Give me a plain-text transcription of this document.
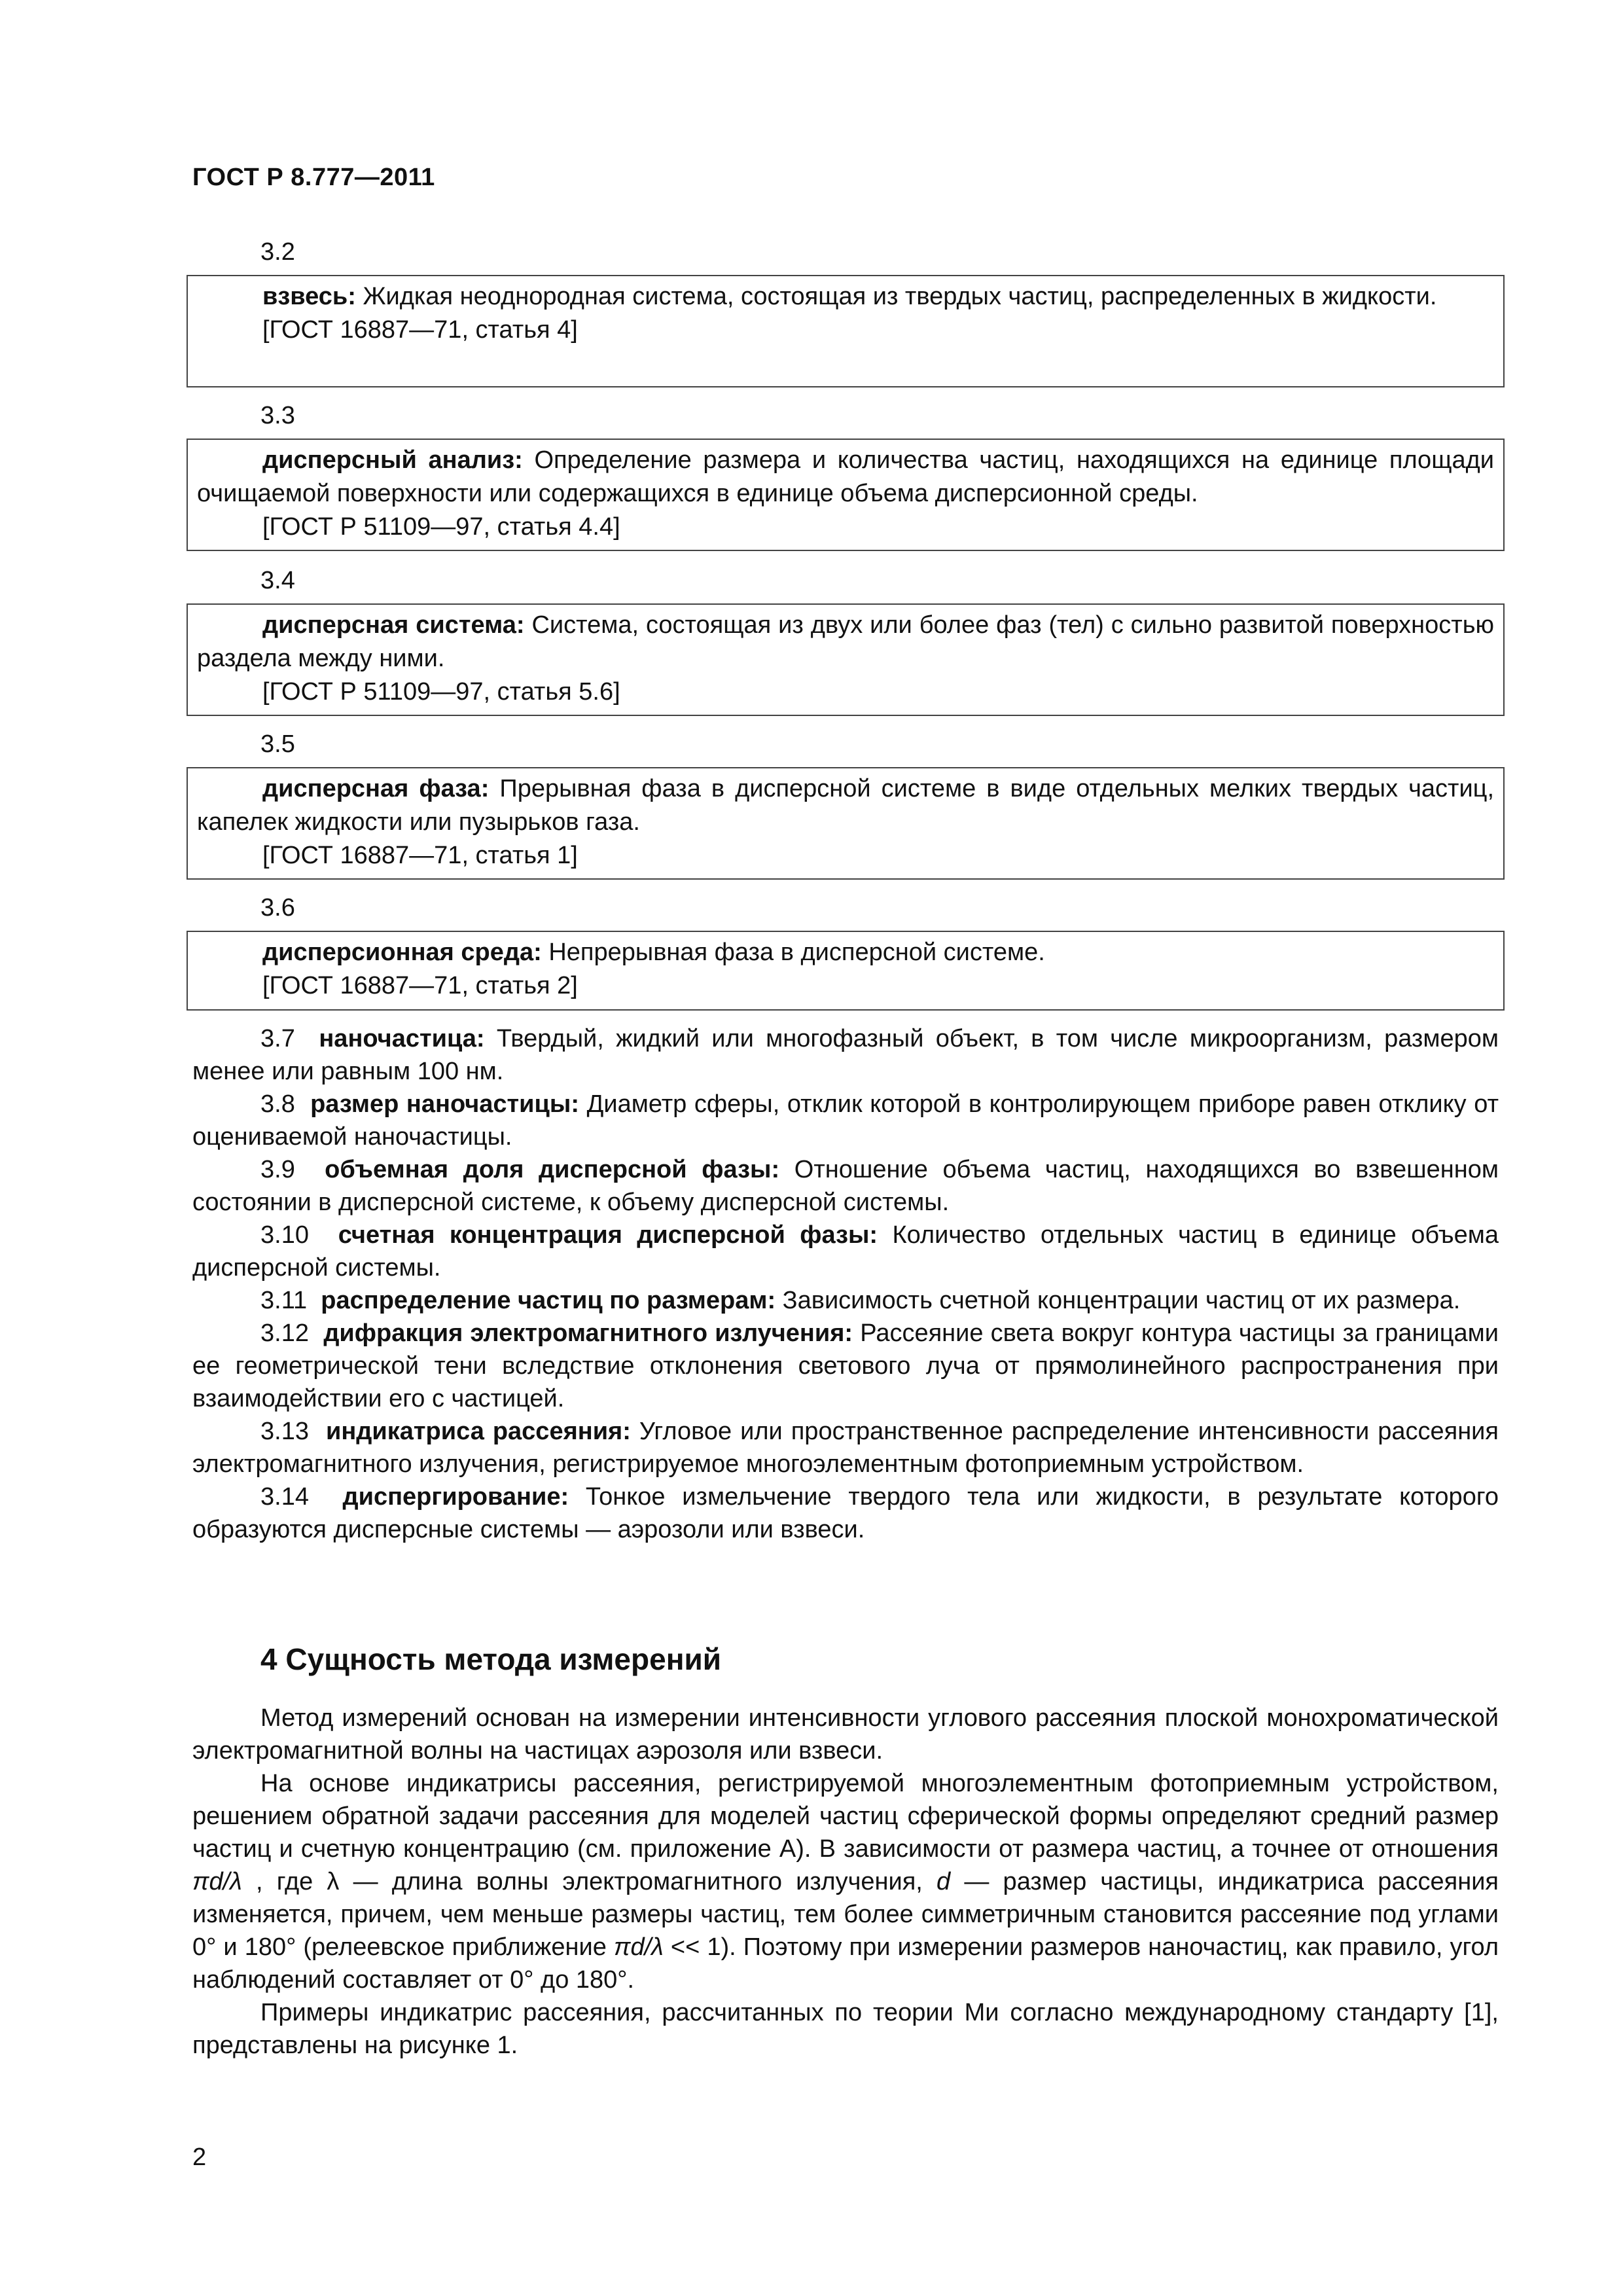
ГОСТ Р 8.777—2011
3.2

взвесь: Жидкая неоднородная система, состоящая из твердых частиц, распределенных в жидкости.

[ГОСТ 16887—71, статья 4]

3.3

дисперсный анализ: Определение размера и количества частиц, находящихся на единице площади очищаемой поверхности или содержащихся в единице объема дисперсионной среды.

[ГОСТ Р 51109—97, статья 4.4]

3.4

дисперсная система: Система, состоящая из двух или более фаз (тел) с сильно развитой поверхностью раздела между ними.

[ГОСТ Р 51109—97, статья 5.6]

3.5

дисперсная фаза: Прерывная фаза в дисперсной системе в виде отдельных мелких твердых частиц, капелек жидкости или пузырьков газа.

[ГОСТ 16887—71, статья 1]

3.6

дисперсионная среда: Непрерывная фаза в дисперсной системе.

[ГОСТ 16887—71, статья 2]

3.7 наночастица: Твердый, жидкий или многофазный объект, в том числе микроорганизм, размером менее или равным 100 нм.

3.8 размер наночастицы: Диаметр сферы, отклик которой в контролирующем приборе равен отклику от оцениваемой наночастицы.

3.9 объемная доля дисперсной фазы: Отношение объема частиц, находящихся во взвешенном состоянии в дисперсной системе, к объему дисперсной системы.

3.10 счетная концентрация дисперсной фазы: Количество отдельных частиц в единице объема дисперсной системы.

3.11 распределение частиц по размерам: Зависимость счетной концентрации частиц от их размера.

3.12 дифракция электромагнитного излучения: Рассеяние света вокруг контура частицы за границами ее геометрической тени вследствие отклонения светового луча от прямолинейного распространения при взаимодействии его с частицей.

3.13 индикатриса рассеяния: Угловое или пространственное распределение интенсивности рассеяния электромагнитного излучения, регистрируемое многоэлементным фотоприемным устройством.

3.14 диспергирование: Тонкое измельчение твердого тела или жидкости, в результате которого образуются дисперсные системы — аэрозоли или взвеси.

4 Сущность метода измерений

Метод измерений основан на измерении интенсивности углового рассеяния плоской монохроматической электромагнитной волны на частицах аэрозоля или взвеси.

На основе индикатрисы рассеяния, регистрируемой многоэлементным фотоприемным устройством, решением обратной задачи рассеяния для моделей частиц сферической формы определяют средний размер частиц и счетную концентрацию (см. приложение А). В зависимости от размера частиц, а точнее от отношения πd/λ , где λ — длина волны электромагнитного излучения, d — размер частицы, индикатриса рассеяния изменяется, причем, чем меньше размеры частиц, тем более симметричным становится рассеяние под углами 0° и 180° (релеевское приближение πd/λ << 1). Поэтому при измерении размеров наночастиц, как правило, угол наблюдений составляет от 0° до 180°.

Примеры индикатрис рассеяния, рассчитанных по теории Ми согласно международному стандарту [1], представлены на рисунке 1.

2
